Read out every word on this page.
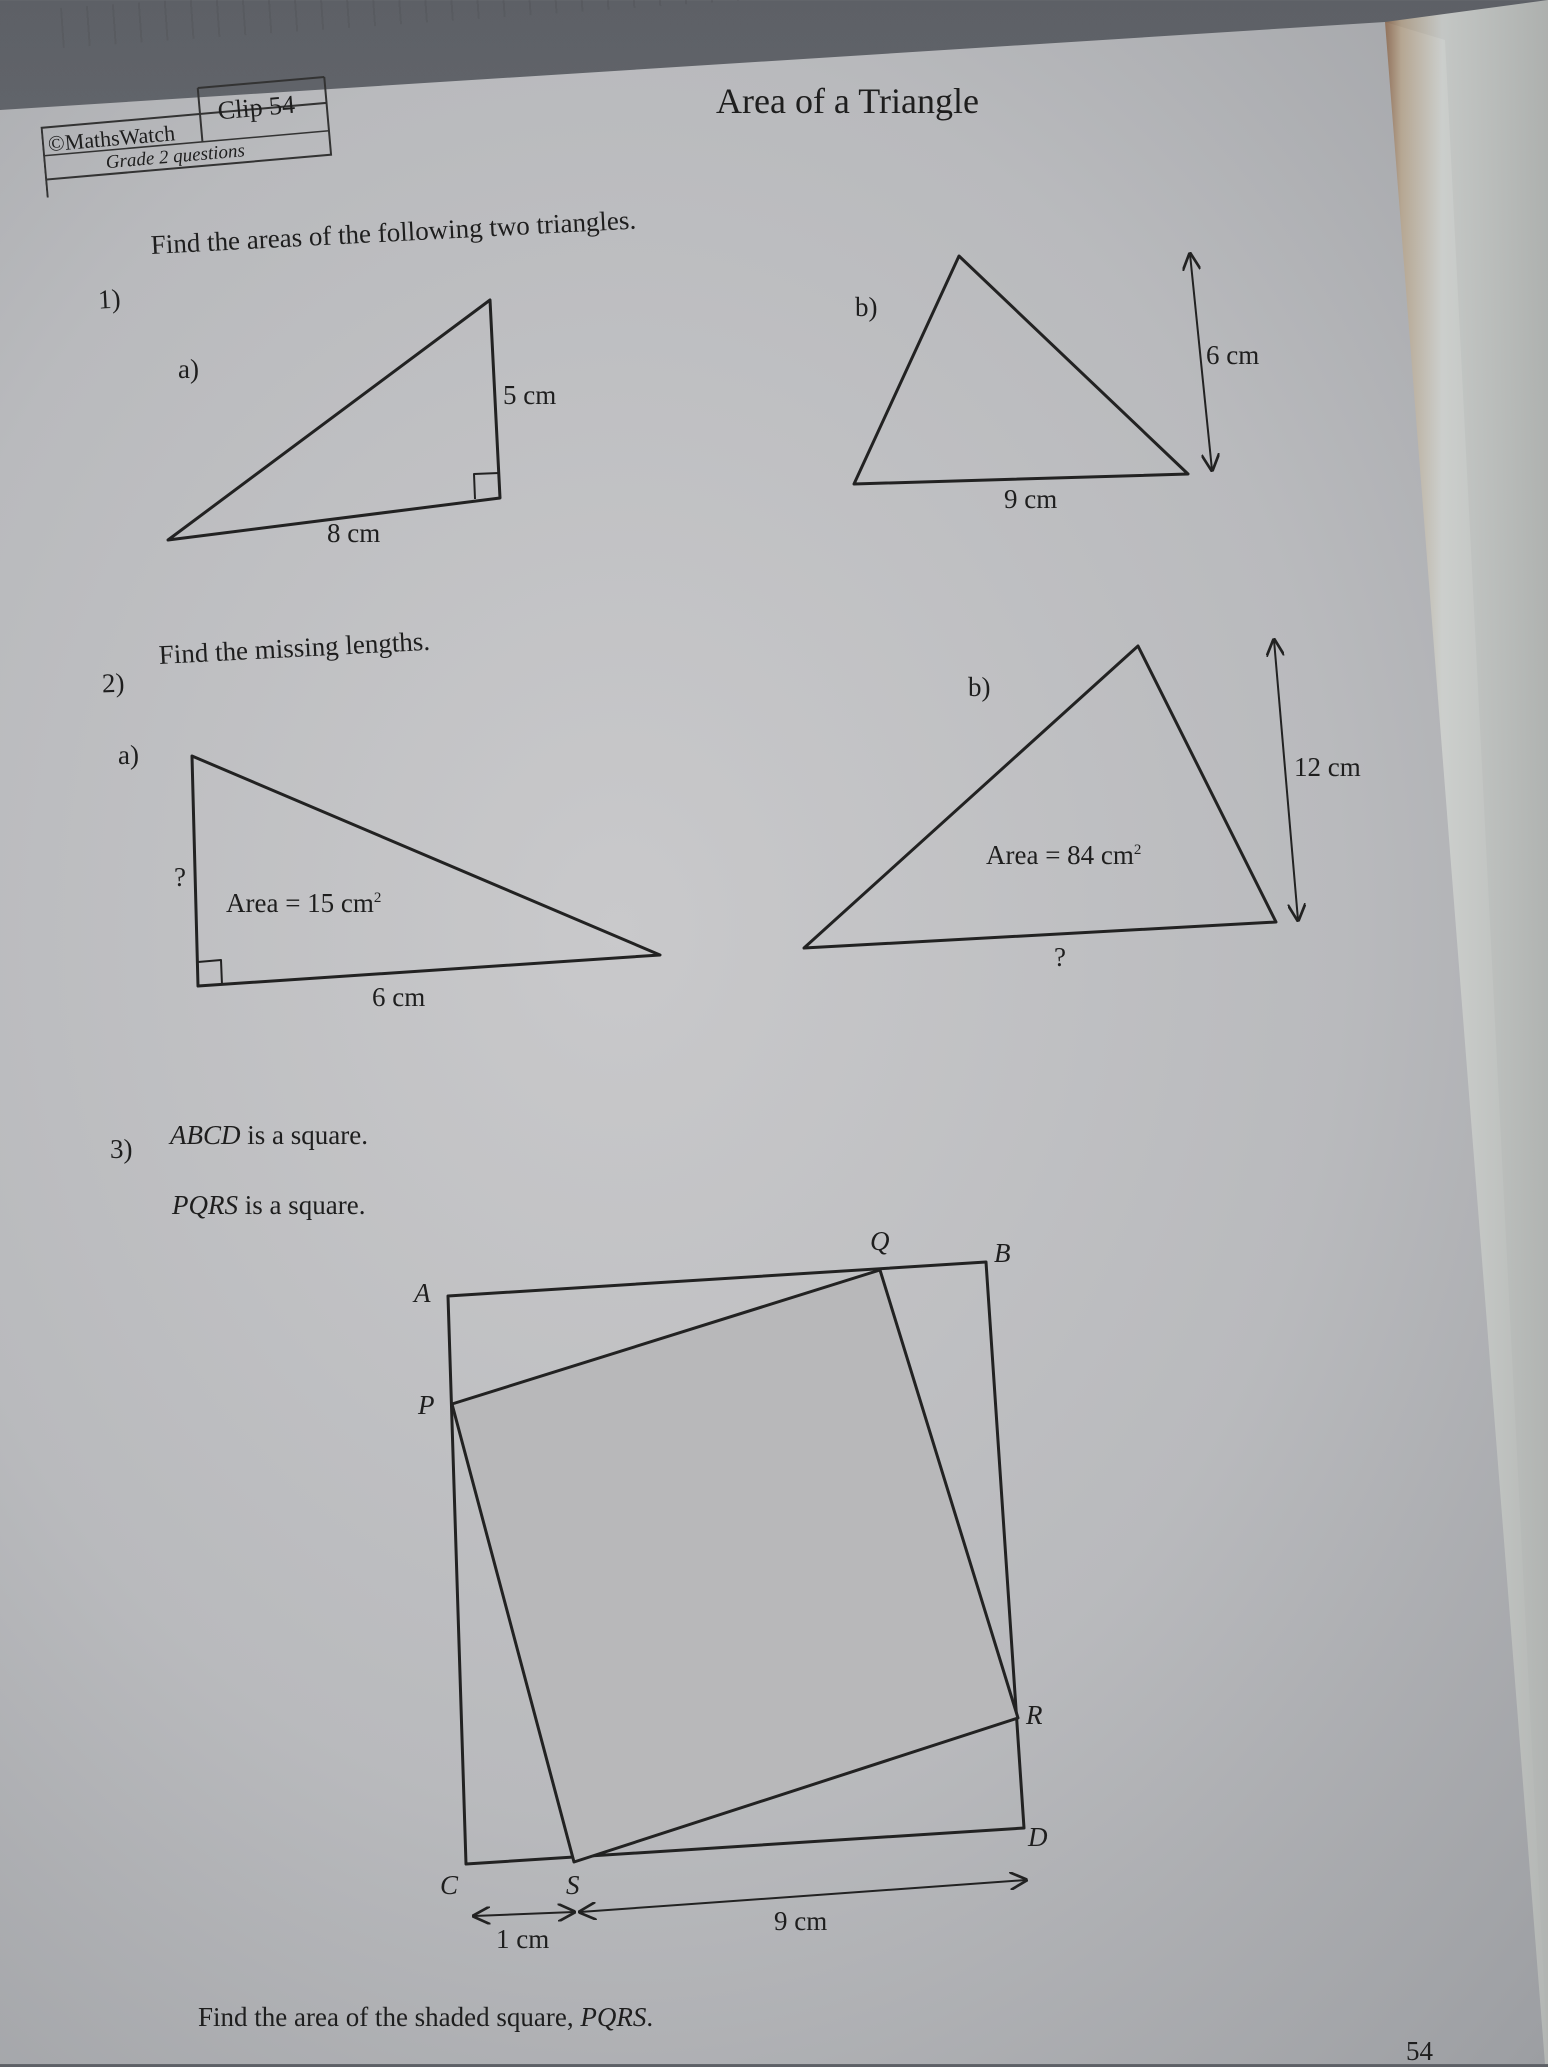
Area of a Triangle
©MathsWatch
Clip 54
Grade 2 questions
1)
Find the areas of the following two triangles.
a)
5 cm
8 cm
b)
6 cm
9 cm
2)
Find the missing lengths.
a)
?
Area = 15 $cm^2$
6 cm
b)
12 cm
Area = 84 $cm^2$
?
3) ABCD is a square.
PQRS is a square.
A
Q	B
P
R
D
C	S
1 cm
9 cm
Find the area of the shaded square, PQRS.
54
